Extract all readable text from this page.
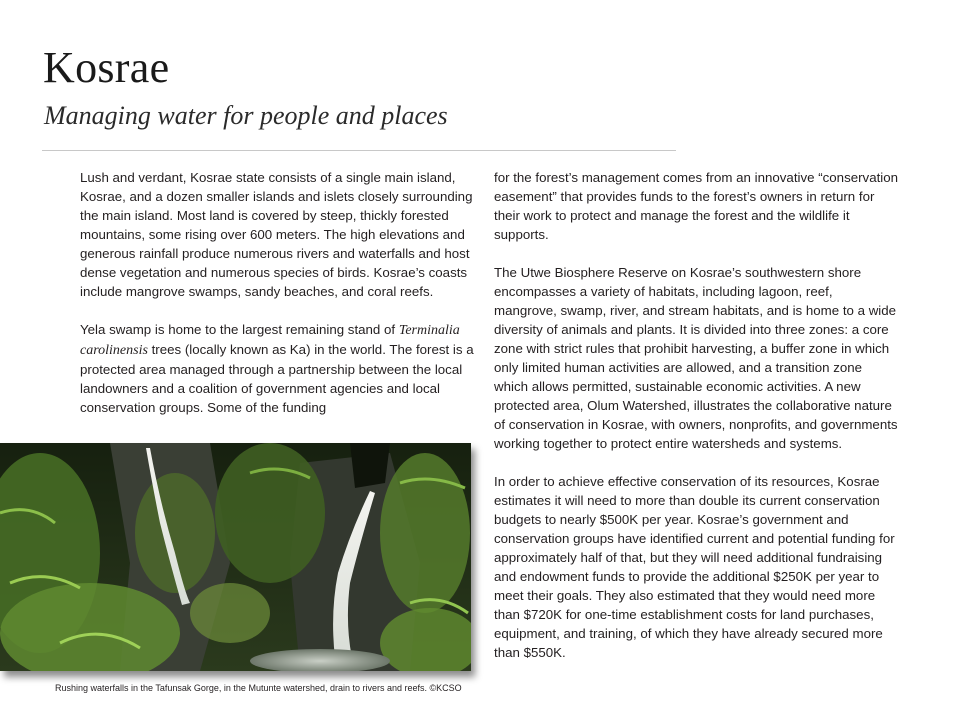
Kosrae
Managing water for people and places

Lush and verdant, Kosrae state consists of a single main island, Kosrae, and a dozen smaller islands and islets closely surrounding the main island. Most land is covered by steep, thickly forested mountains, some rising over 600 meters. The high elevations and generous rainfall produce numerous rivers and waterfalls and host dense vegetation and numerous species of birds. Kosrae’s coasts include mangrove swamps, sandy beaches, and coral reefs.

Yela swamp is home to the largest remaining stand of Terminalia carolinensis trees (locally known as Ka) in the world. The forest is a protected area managed through a partnership between the local landowners and a coalition of government agencies and local conservation groups. Some of the funding

for the forest’s management comes from an innovative “conservation easement” that provides funds to the forest’s owners in return for their work to protect and manage the forest and the wildlife it supports.

The Utwe Biosphere Reserve on Kosrae’s southwestern shore encompasses a variety of habitats, including lagoon, reef, mangrove, swamp, river, and stream habitats, and is home to a wide diversity of animals and plants. It is divided into three zones: a core zone with strict rules that prohibit harvesting, a buffer zone in which only limited human activities are allowed, and a transition zone which allows permitted, sustainable economic activities. A new protected area, Olum Watershed, illustrates the collaborative nature of conservation in Kosrae, with owners, nonprofits, and governments working together to protect entire watersheds and systems.

In order to achieve effective conservation of its resources, Kosrae estimates it will need to more than double its current conservation budgets to nearly $500K per year. Kosrae’s government and conservation groups have identified current and potential funding for approximately half of that, but they will need additional fundraising and endowment funds to provide the additional $250K per year to meet their goals. They also estimated that they would need more than $720K for one-time establishment costs for land purchases, equipment, and training, of which they have already secured more than $550K.

Rushing waterfalls in the Tafunsak Gorge, in the Mutunte watershed, drain to rivers and reefs. ©KCSO
